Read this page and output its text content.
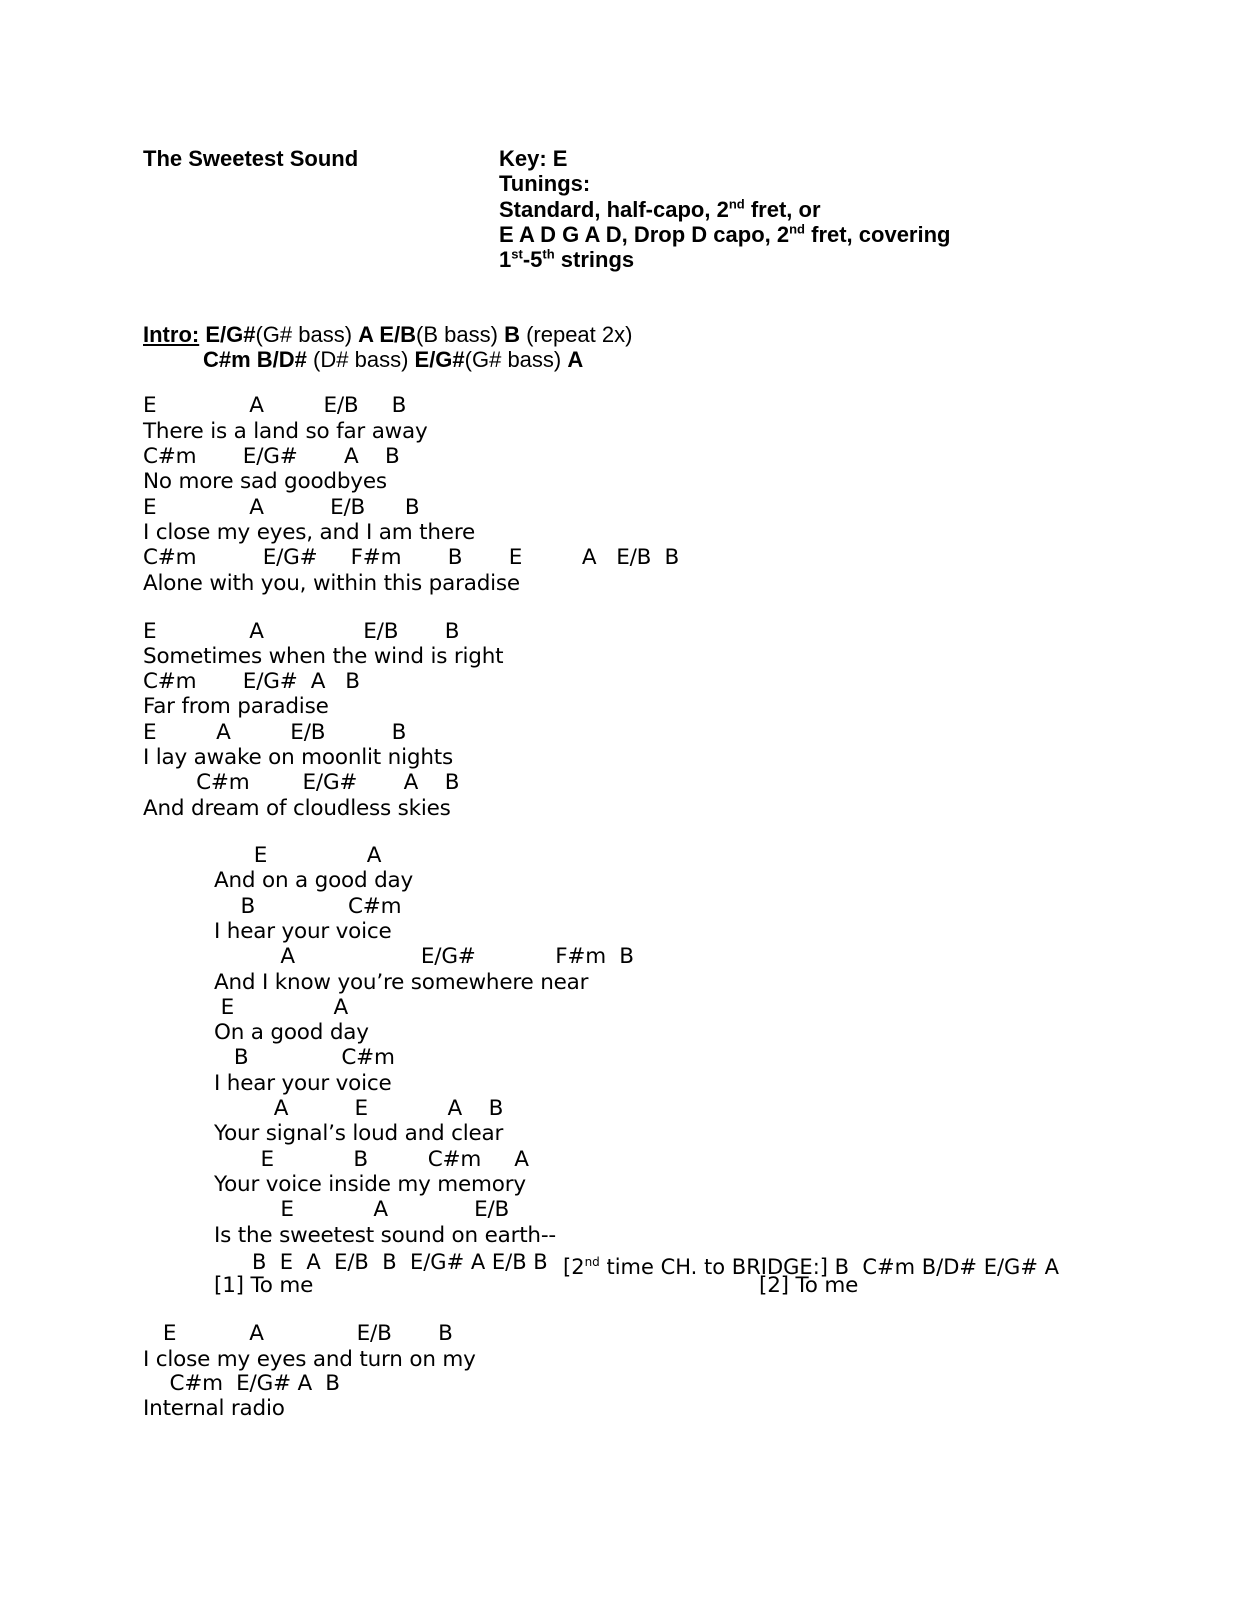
The Sweetest Sound	Key: E
Tunings:
Standard, half-capo, 2nd fret, or
E A D G A D, Drop D capo, 2nd fret, covering
1st-5th strings
Intro: E/G#(G# bass) A E/B(B bass) B (repeat 2x)
C#m B/D# (D# bass) E/G#(G# bass) A
E              A         E/B     B
There is a land so far away
C#m       E/G#       A    B
No more sad goodbyes
E              A          E/B      B
I close my eyes, and I am there
C#m          E/G#     F#m       B       E         A   E/B  B
Alone with you, within this paradise
E              A               E/B       B
Sometimes when the wind is right
C#m       E/G#  A   B
Far from paradise
E         A         E/B          B
I lay awake on moonlit nights
C#m        E/G#       A    B
And dream of cloudless skies
E               A
And on a good day
B              C#m
I hear your voice
A                   E/G#            F#m  B
And I know you’re somewhere near
E               A
On a good day
B              C#m
I hear your voice
A          E            A    B
Your signal’s loud and clear
E            B         C#m     A
Your voice inside my memory
E            A             E/B
Is the sweetest sound on earth--
[1] To me	[2] To me
E           A              E/B       B
I close my eyes and turn on my
C#m  E/G# A  B
Internal radio
B  E  A  E/B  B  E/G# A E/B B [2nd time CH. to BRIDGE:] B  C#m B/D# E/G# A
